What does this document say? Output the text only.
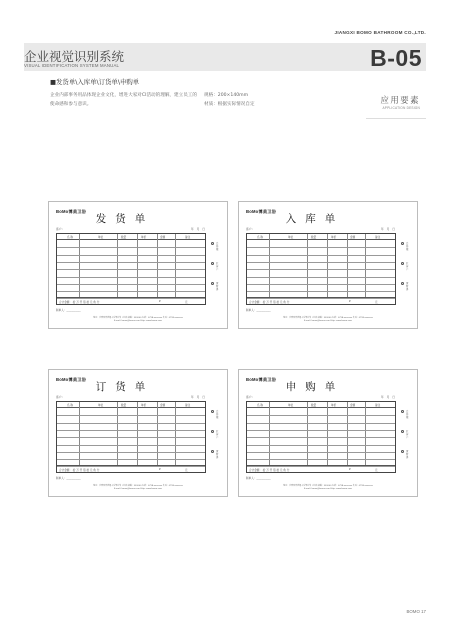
JIANGXI BOMO BATHROOM CO.,LTD.
企业视觉识别系统
VISUAL IDENTIFICATION SYSTEM MANUAL	B-05
■发货单\入库单\订货单\申购单
企业内部事务用品体现企业文化，增进大家对CI活动的理解，建立员工的使命感和参与意识。
规格：200×140mm
材质：根据实际情况自定	应用要素
APPLICATION DESIGN
BoMo博美卫浴
发货单
客户：	年 月 日
名 称	单位	数量	单价	金额	备注
合计金额： 拾 万 仟 佰 拾 元 角 分	¥	元
白存根
红客户
黄财务
制单人：___________
地址：江西省景德镇市浮梁县某工业园 邮编：333000 电话：0798-xxxxxxx 传真：0798-xxxxxxx
E-mail: bomo@bomo.com Http: www.bomo.com
BoMo博美卫浴
入库单
客户：	年 月 日
名 称	单位	数量	单价	金额	备注
合计金额： 拾 万 仟 佰 拾 元 角 分	¥	元
白存根
红客户
黄财务
制单人：___________
地址：江西省景德镇市浮梁县某工业园 邮编：333000 电话：0798-xxxxxxx 传真：0798-xxxxxxx
E-mail: bomo@bomo.com Http: www.bomo.com
BoMo博美卫浴
订货单
客户：	年 月 日
名 称	单位	数量	单价	金额	备注
合计金额： 拾 万 仟 佰 拾 元 角 分	¥	元
白存根
红客户
黄财务
制单人：___________
地址：江西省景德镇市浮梁县某工业园 邮编：333000 电话：0798-xxxxxxx 传真：0798-xxxxxxx
E-mail: bomo@bomo.com Http: www.bomo.com
BoMo博美卫浴
申购单
客户：	年 月 日
名 称	单位	数量	单价	金额	备注
合计金额： 拾 万 仟 佰 拾 元 角 分	¥	元
白存根
红客户
黄财务
制单人：___________
地址：江西省景德镇市浮梁县某工业园 邮编：333000 电话：0798-xxxxxxx 传真：0798-xxxxxxx
E-mail: bomo@bomo.com Http: www.bomo.com
BOMO 17
